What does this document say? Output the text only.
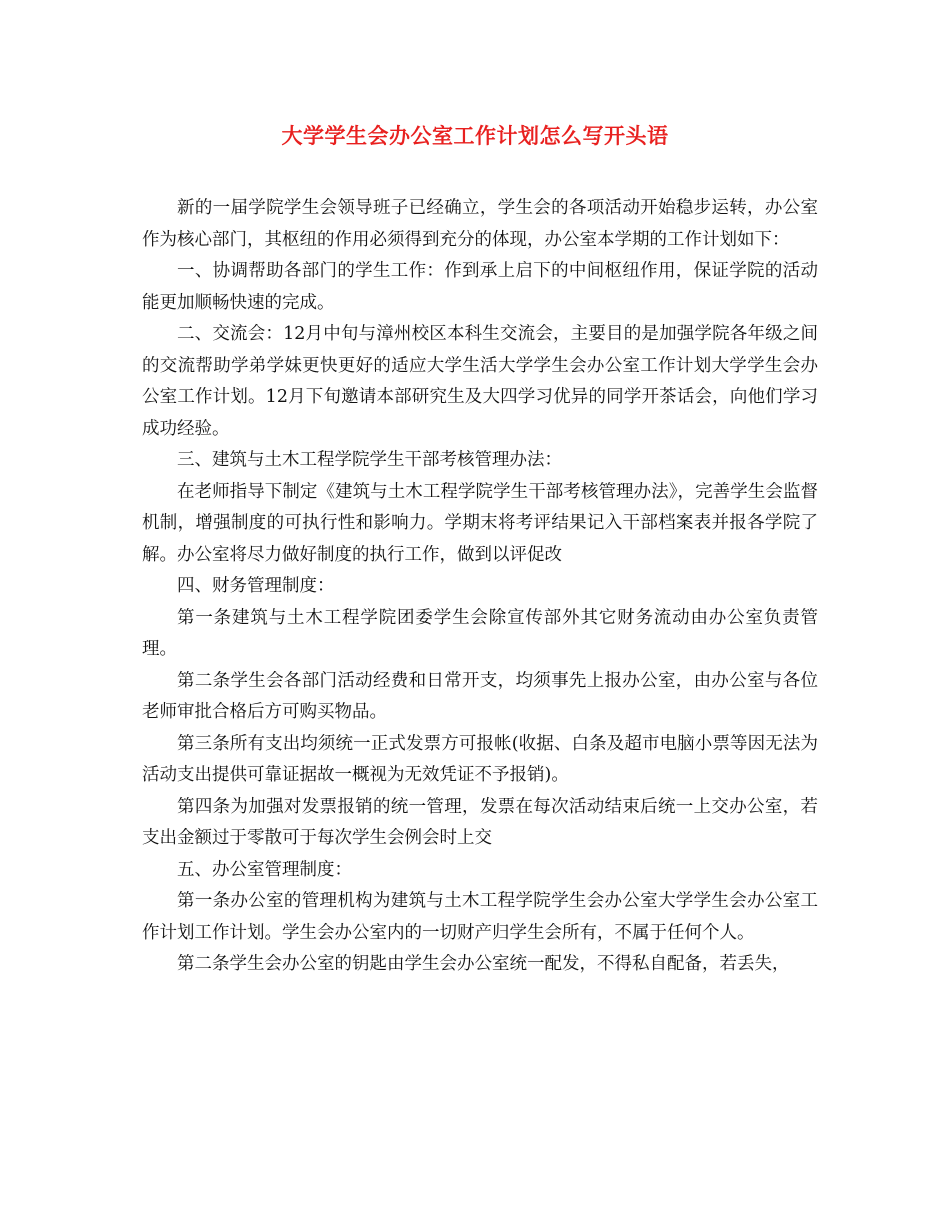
大学学生会办公室工作计划怎么写开头语

新的一届学院学生会领导班子已经确立，学生会的各项活动开始稳步运转，办公室作为核心部门，其枢纽的作用必须得到充分的体现，办公室本学期的工作计划如下：

一、协调帮助各部门的学生工作：作到承上启下的中间枢纽作用，保证学院的活动能更加顺畅快速的完成。

二、交流会：12月中旬与漳州校区本科生交流会，主要目的是加强学院各年级之间的交流帮助学弟学妹更快更好的适应大学生活大学学生会办公室工作计划大学学生会办公室工作计划。12月下旬邀请本部研究生及大四学习优异的同学开茶话会，向他们学习成功经验。

三、建筑与土木工程学院学生干部考核管理办法：

在老师指导下制定《建筑与土木工程学院学生干部考核管理办法》，完善学生会监督机制，增强制度的可执行性和影响力。学期末将考评结果记入干部档案表并报各学院了解。办公室将尽力做好制度的执行工作，做到以评促改

四、财务管理制度：

第一条建筑与土木工程学院团委学生会除宣传部外其它财务流动由办公室负责管理。

第二条学生会各部门活动经费和日常开支，均须事先上报办公室，由办公室与各位老师审批合格后方可购买物品。

第三条所有支出均须统一正式发票方可报帐(收据、白条及超市电脑小票等因无法为活动支出提供可靠证据故一概视为无效凭证不予报销)。

第四条为加强对发票报销的统一管理，发票在每次活动结束后统一上交办公室，若支出金额过于零散可于每次学生会例会时上交

五、办公室管理制度：

第一条办公室的管理机构为建筑与土木工程学院学生会办公室大学学生会办公室工作计划工作计划。学生会办公室内的一切财产归学生会所有，不属于任何个人。

第二条学生会办公室的钥匙由学生会办公室统一配发，不得私自配备，若丢失，
